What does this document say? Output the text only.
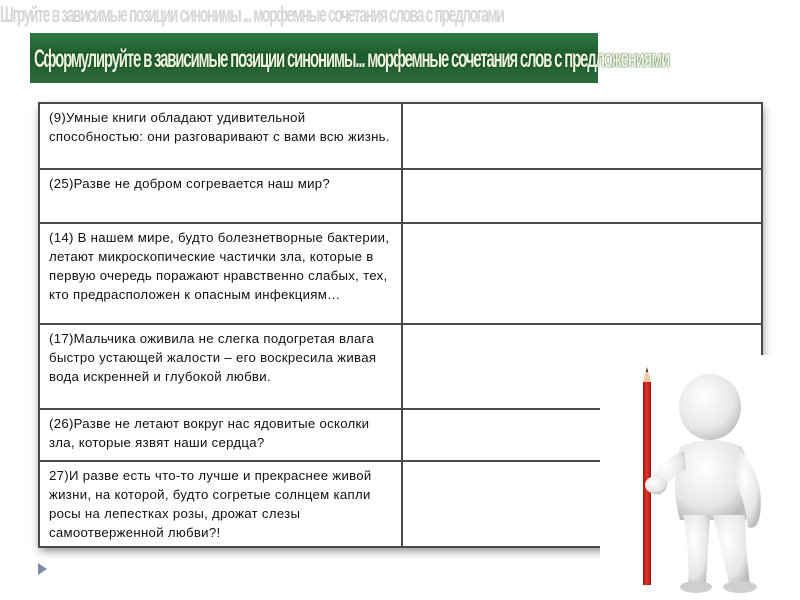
Шгруйте в зависимые позиции синонимы ... морфемные сочетания слова с предлогами
Сформулируйте в зависимые позиции синонимы... морфемные сочетания слов с предложениями
(9)Умные книги обладают удивительной способностью: они разговаривают с вами всю жизнь.	
(25)Разве не добром согревается наш мир?	
(14) В нашем мире, будто болезнетворные бактерии, летают микроскопические частички зла, которые в первую очередь поражают нравственно слабых, тех, кто предрасположен к опасным инфекциям…	
(17)Мальчика оживила не слегка подогретая влага быстро устающей жалости – его воскресила живая вода искренней и глубокой любви.	
(26)Разве не летают вокруг нас ядовитые осколки зла, которые язвят наши сердца?	
27)И разве есть что-то лучше и прекраснее живой жизни, на которой, будто согретые солнцем капли росы на лепестках розы, дрожат слезы самоотверженной любви?!	
